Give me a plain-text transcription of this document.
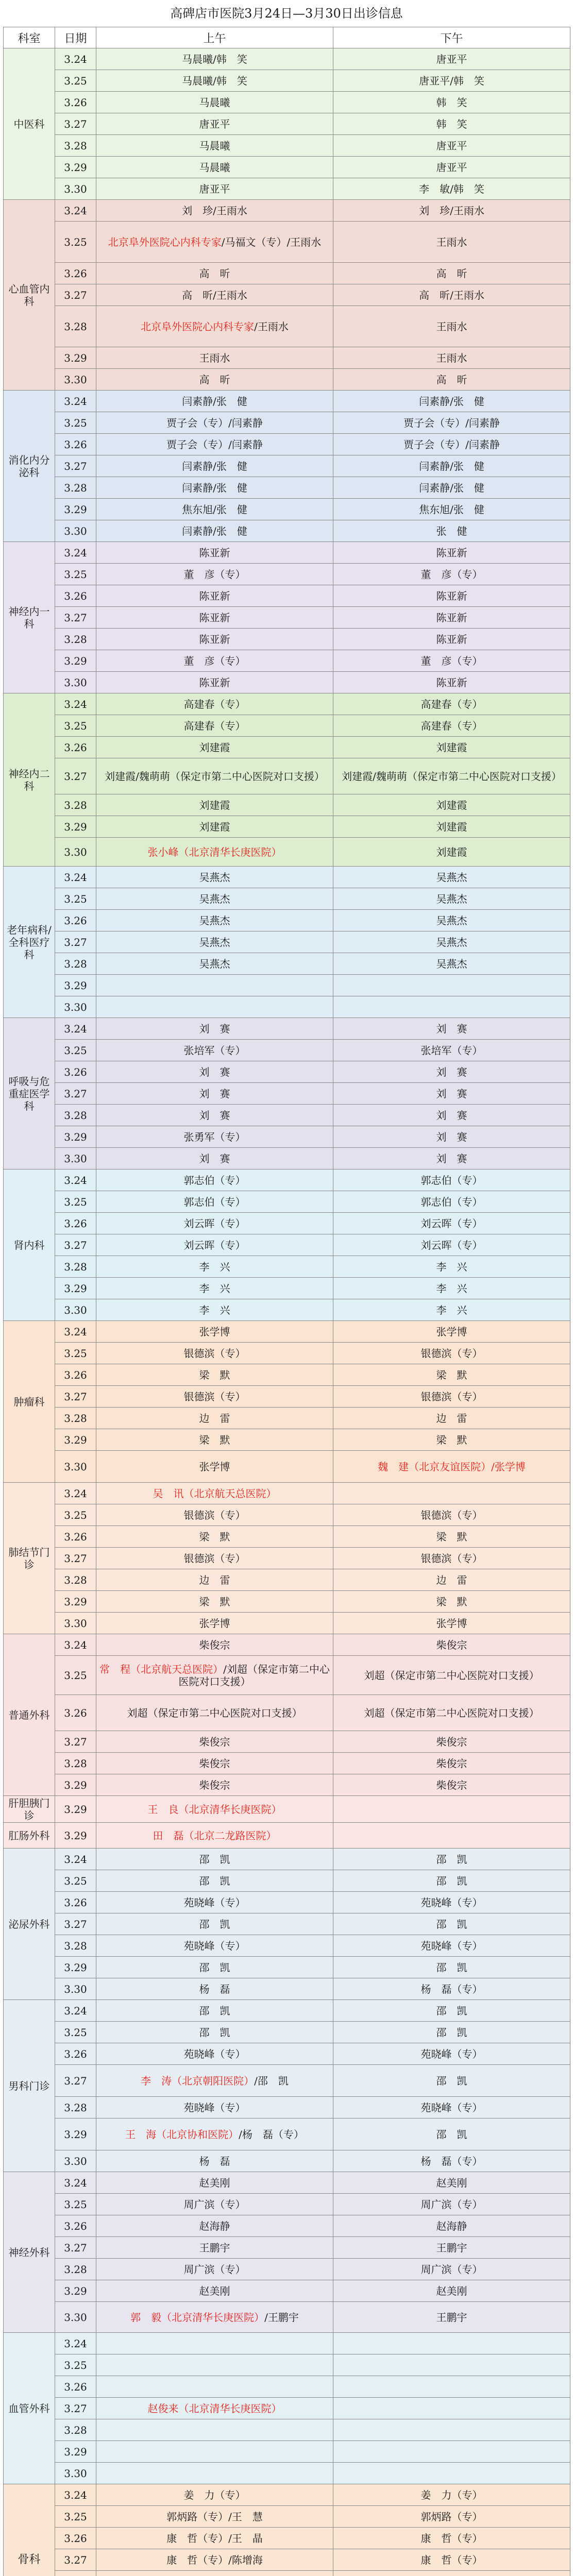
高碑店市医院3月24日—3月30日出诊信息
科室	日期	上午	下午
中医科	3.24	马晨曦/韩　笑	唐亚平
	3.25	马晨曦/韩　笑	唐亚平/韩　笑
	3.26	马晨曦	韩　笑
	3.27	唐亚平	韩　笑
	3.28	马晨曦	唐亚平
	3.29	马晨曦	唐亚平
	3.30	唐亚平	李　敏/韩　笑
心血管内科	3.24	刘　珍/王雨水	刘　珍/王雨水
	3.25	北京阜外医院心内科专家/马福文（专）/王雨水	王雨水
	3.26	高　昕	高　昕
	3.27	高　昕/王雨水	高　昕/王雨水
	3.28	北京阜外医院心内科专家/王雨水	王雨水
	3.29	王雨水	王雨水
	3.30	高　昕	高　昕
消化内分泌科	3.24	闫素静/张　健	闫素静/张　健
	3.25	贾子会（专）/闫素静	贾子会（专）/闫素静
	3.26	贾子会（专）/闫素静	贾子会（专）/闫素静
	3.27	闫素静/张　健	闫素静/张　健
	3.28	闫素静/张　健	闫素静/张　健
	3.29	焦东旭/张　健	焦东旭/张　健
	3.30	闫素静/张　健	张　健
神经内一科	3.24	陈亚新	陈亚新
	3.25	董　彦（专）	董　彦（专）
	3.26	陈亚新	陈亚新
	3.27	陈亚新	陈亚新
	3.28	陈亚新	陈亚新
	3.29	董　彦（专）	董　彦（专）
	3.30	陈亚新	陈亚新
神经内二科	3.24	高建春（专）	高建春（专）
	3.25	高建春（专）	高建春（专）
	3.26	刘建霞	刘建霞
	3.27	刘建霞/魏萌萌（保定市第二中心医院对口支援）	刘建霞/魏萌萌（保定市第二中心医院对口支援）
	3.28	刘建霞	刘建霞
	3.29	刘建霞	刘建霞
	3.30	张小峰（北京清华长庚医院）	刘建霞
老年病科/全科医疗科	3.24	吴燕杰	吴燕杰
	3.25	吴燕杰	吴燕杰
	3.26	吴燕杰	吴燕杰
	3.27	吴燕杰	吴燕杰
	3.28	吴燕杰	吴燕杰
	3.29		
	3.30		
呼吸与危重症医学科	3.24	刘　赛	刘　赛
	3.25	张培军（专）	张培军（专）
	3.26	刘　赛	刘　赛
	3.27	刘　赛	刘　赛
	3.28	刘　赛	刘　赛
	3.29	张勇军（专）	刘　赛
	3.30	刘　赛	刘　赛
肾内科	3.24	郭志伯（专）	郭志伯（专）
	3.25	郭志伯（专）	郭志伯（专）
	3.26	刘云晖（专）	刘云晖（专）
	3.27	刘云晖（专）	刘云晖（专）
	3.28	李　兴	李　兴
	3.29	李　兴	李　兴
	3.30	李　兴	李　兴
肿瘤科	3.24	张学博	张学博
	3.25	银德滨（专）	银德滨（专）
	3.26	梁　默	梁　默
	3.27	银德滨（专）	银德滨（专）
	3.28	边　雷	边　雷
	3.29	梁　默	梁　默
	3.30	张学博	魏　建（北京友谊医院）/张学博
肺结节门诊	3.24	吴　讯（北京航天总医院）	
	3.25	银德滨（专）	银德滨（专）
	3.26	梁　默	梁　默
	3.27	银德滨（专）	银德滨（专）
	3.28	边　雷	边　雷
	3.29	梁　默	梁　默
	3.30	张学博	张学博
普通外科	3.24	柴俊宗	柴俊宗
	3.25	常　程（北京航天总医院）/刘超（保定市第二中心医院对口支援）	刘超（保定市第二中心医院对口支援）
	3.26	刘超（保定市第二中心医院对口支援）	刘超（保定市第二中心医院对口支援）
	3.27	柴俊宗	柴俊宗
	3.28	柴俊宗	柴俊宗
	3.29	柴俊宗	柴俊宗
肝胆胰门诊	3.29	王　良（北京清华长庚医院）	
肛肠外科	3.29	田　磊（北京二龙路医院）	
泌尿外科	3.24	邵　凯	邵　凯
	3.25	邵　凯	邵　凯
	3.26	苑晓峰（专）	苑晓峰（专）
	3.27	邵　凯	邵　凯
	3.28	苑晓峰（专）	苑晓峰（专）
	3.29	邵　凯	邵　凯
	3.30	杨　磊	杨　磊（专）
男科门诊	3.24	邵　凯	邵　凯
	3.25	邵　凯	邵　凯
	3.26	苑晓峰（专）	苑晓峰（专）
	3.27	李　涛（北京朝阳医院）/邵　凯	邵　凯
	3.28	苑晓峰（专）	苑晓峰（专）
	3.29	王　海（北京协和医院）/杨　磊（专）	邵　凯
	3.30	杨　磊	杨　磊（专）
神经外科	3.24	赵美刚	赵美刚
	3.25	周广滨（专）	周广滨（专）
	3.26	赵海静	赵海静
	3.27	王鹏宇	王鹏宇
	3.28	周广滨（专）	周广滨（专）
	3.29	赵美刚	赵美刚
	3.30	郭　毅（北京清华长庚医院）/王鹏宇	王鹏宇
血管外科	3.24		
	3.25		
	3.26		
	3.27	赵俊来（北京清华长庚医院）	
	3.28		
	3.29		
	3.30		
骨科	3.24	姜　力（专）	姜　力（专）
	3.25	郭炳路（专）/王　慧	郭炳路（专）
	3.26	康　哲（专）/王　晶	康　哲（专）
	3.27	康　哲（专）/陈增海	康　哲（专）
